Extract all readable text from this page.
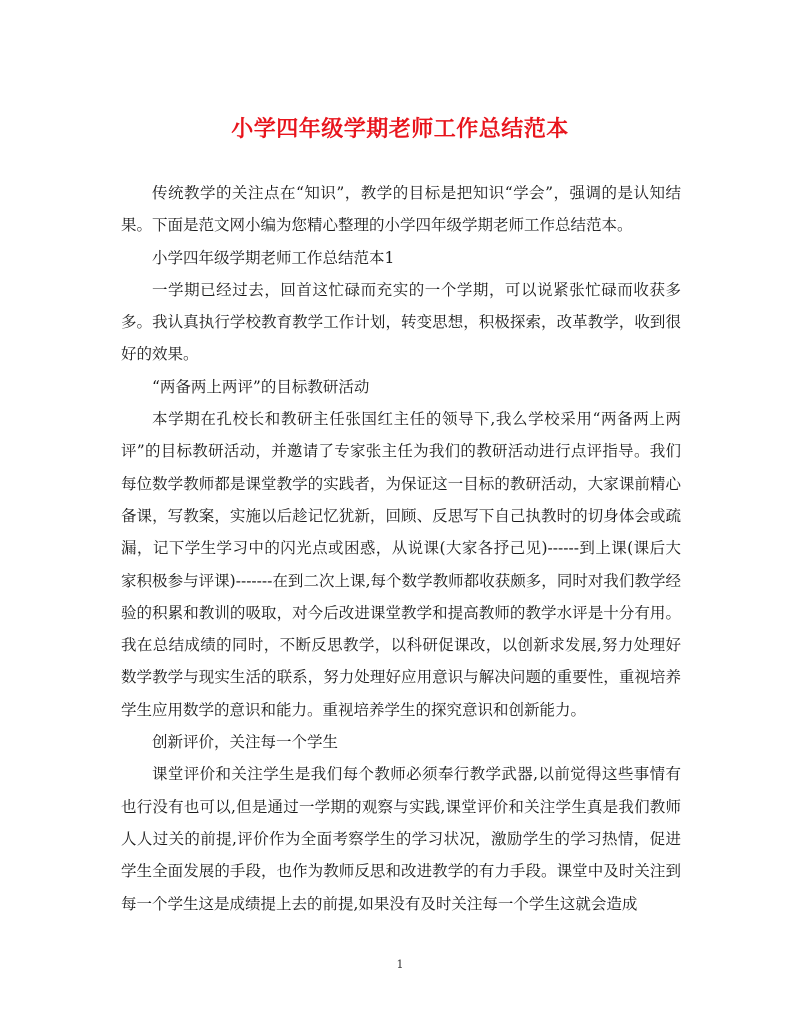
小学四年级学期老师工作总结范本

传统教学的关注点在“知识”，教学的目标是把知识“学会”，强调的是认知结果。下面是范文网小编为您精心整理的小学四年级学期老师工作总结范本。

小学四年级学期老师工作总结范本1

一学期已经过去，回首这忙碌而充实的一个学期，可以说紧张忙碌而收获多多。我认真执行学校教育教学工作计划，转变思想，积极探索，改革教学，收到很好的效果。

“两备两上两评”的目标教研活动

本学期在孔校长和教研主任张国红主任的领导下,我么学校采用“两备两上两评”的目标教研活动，并邀请了专家张主任为我们的教研活动进行点评指导。我们每位数学教师都是课堂教学的实践者，为保证这一目标的教研活动，大家课前精心备课，写教案，实施以后趁记忆犹新，回顾、反思写下自己执教时的切身体会或疏漏，记下学生学习中的闪光点或困惑，从说课(大家各抒己见)------到上课(课后大家积极参与评课)-------在到二次上课,每个数学教师都收获颇多，同时对我们教学经验的积累和教训的吸取，对今后改进课堂教学和提高教师的教学水评是十分有用。我在总结成绩的同时，不断反思教学，以科研促课改，以创新求发展,努力处理好数学教学与现实生活的联系，努力处理好应用意识与解决问题的重要性，重视培养学生应用数学的意识和能力。重视培养学生的探究意识和创新能力。

创新评价，关注每一个学生

课堂评价和关注学生是我们每个教师必须奉行教学武器,以前觉得这些事情有也行没有也可以,但是通过一学期的观察与实践,课堂评价和关注学生真是我们教师人人过关的前提,评价作为全面考察学生的学习状况，激励学生的学习热情，促进学生全面发展的手段，也作为教师反思和改进教学的有力手段。课堂中及时关注到每一个学生这是成绩提上去的前提,如果没有及时关注每一个学生这就会造成

1
